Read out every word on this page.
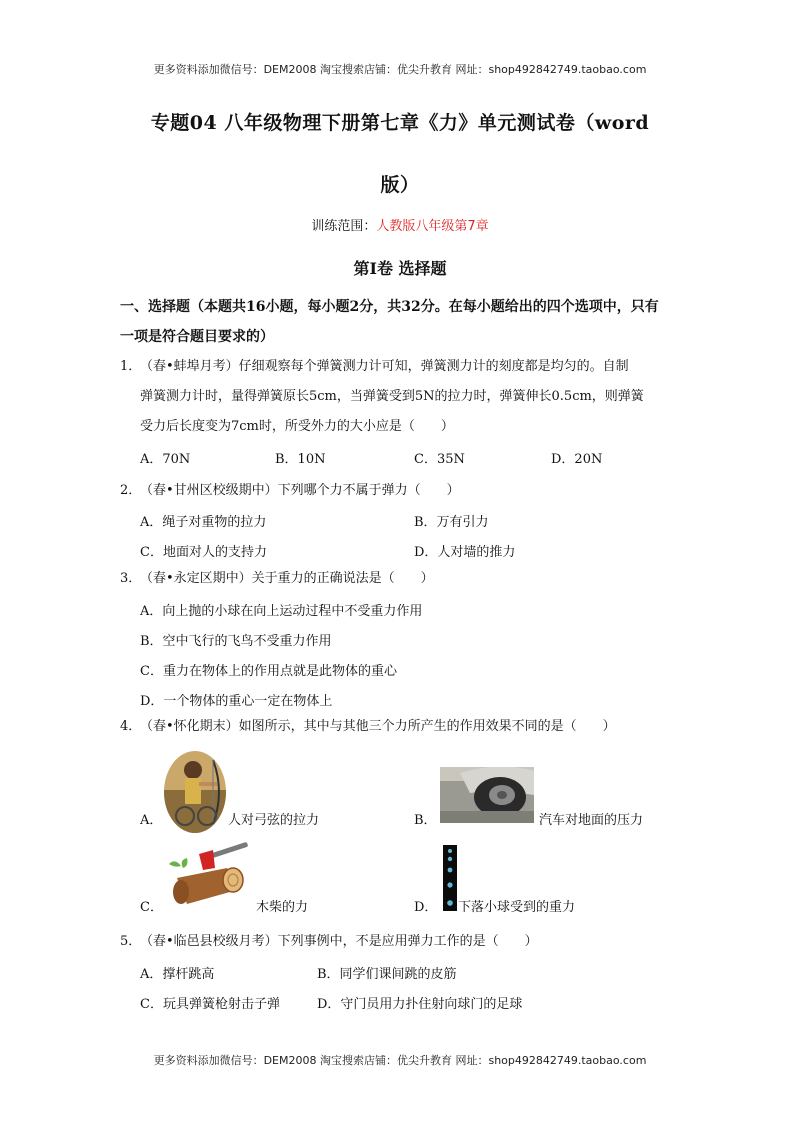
更多资料添加微信号：DEM2008 淘宝搜索店铺：优尖升教育 网址：shop492842749.taobao.com
专题04 八年级物理下册第七章《力》单元测试卷（word
版）
训练范围：人教版八年级第7章
第Ⅰ卷 选择题
一、选择题（本题共16小题，每小题2分，共32分。在每小题给出的四个选项中，只有
一项是符合题目要求的）
1．（春•蚌埠月考）仔细观察每个弹簧测力计可知，弹簧测力计的刻度都是均匀的。自制
弹簧测力计时，量得弹簧原长5cm，当弹簧受到5N的拉力时，弹簧伸长0.5cm，则弹簧
受力后长度变为7cm时，所受外力的大小应是（　　）
A．70N	B．10N	C．35N	D．20N
2．（春•甘州区校级期中）下列哪个力不属于弹力（　　）
A．绳子对重物的拉力	B．万有引力
C．地面对人的支持力	D．人对墙的推力
3．（春•永定区期中）关于重力的正确说法是（　　）
A．向上抛的小球在向上运动过程中不受重力作用
B．空中飞行的飞鸟不受重力作用
C．重力在物体上的作用点就是此物体的重心
D．一个物体的重心一定在物体上
4．（春•怀化期末）如图所示，其中与其他三个力所产生的作用效果不同的是（　　）
A．	人对弓弦的拉力	B．	汽车对地面的压力
C．	木柴的力	D． 下落小球受到的重力
5．（春•临邑县校级月考）下列事例中，不是应用弹力工作的是（　　）
A．撑杆跳高	B．同学们课间跳的皮筋
C．玩具弹簧枪射击子弹	D．守门员用力扑住射向球门的足球
更多资料添加微信号：DEM2008 淘宝搜索店铺：优尖升教育 网址：shop492842749.taobao.com
